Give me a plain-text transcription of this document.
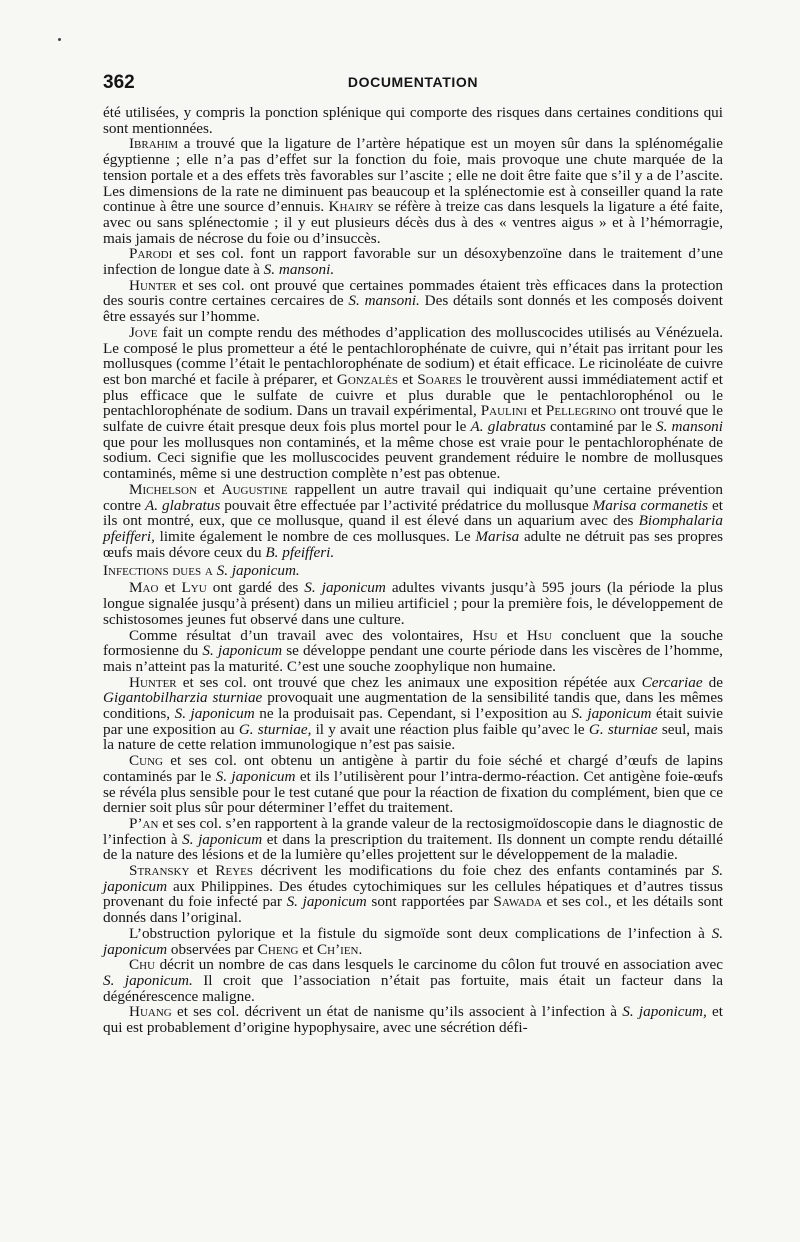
362	DOCUMENTATION

été utilisées, y compris la ponction splénique qui comporte des risques dans certaines conditions qui sont mentionnées.

Ibrahim a trouvé que la ligature de l’artère hépatique est un moyen sûr dans la splénomégalie égyptienne ; elle n’a pas d’effet sur la fonction du foie, mais provoque une chute marquée de la tension portale et a des effets très favorables sur l’ascite ; elle ne doit être faite que s’il y a de l’ascite. Les dimensions de la rate ne diminuent pas beaucoup et la splénectomie est à conseiller quand la rate continue à être une source d’ennuis. Khairy se réfère à treize cas dans lesquels la ligature a été faite, avec ou sans splénectomie ; il y eut plusieurs décès dus à des « ventres aigus » et à l’hémorragie, mais jamais de nécrose du foie ou d’insuccès.

Parodi et ses col. font un rapport favorable sur un désoxybenzoïne dans le traitement d’une infection de longue date à S. mansoni.

Hunter et ses col. ont prouvé que certaines pommades étaient très efficaces dans la protection des souris contre certaines cercaires de S. mansoni. Des détails sont donnés et les composés doivent être essayés sur l’homme.

Jove fait un compte rendu des méthodes d’application des molluscocides utilisés au Vénézuela. Le composé le plus prometteur a été le pentachlorophénate de cuivre, qui n’était pas irritant pour les mollusques (comme l’était le pentachlorophénate de sodium) et était efficace. Le ricinoléate de cuivre est bon marché et facile à préparer, et Gonzalès et Soares le trouvèrent aussi immédiatement actif et plus efficace que le sulfate de cuivre et plus durable que le pentachlorophénol ou le pentachlorophénate de sodium. Dans un travail expérimental, Paulini et Pellegrino ont trouvé que le sulfate de cuivre était presque deux fois plus mortel pour le A. glabratus contaminé par le S. mansoni que pour les mollusques non contaminés, et la même chose est vraie pour le pentachlorophénate de sodium. Ceci signifie que les molluscocides peuvent grandement réduire le nombre de mollusques contaminés, même si une destruction complète n’est pas obtenue.

Michelson et Augustine rappellent un autre travail qui indiquait qu’une certaine prévention contre A. glabratus pouvait être effectuée par l’activité prédatrice du mollusque Marisa cormanetis et ils ont montré, eux, que ce mollusque, quand il est élevé dans un aquarium avec des Biomphalaria pfeifferi, limite également le nombre de ces mollusques. Le Marisa adulte ne détruit pas ses propres œufs mais dévore ceux du B. pfeifferi.

Infections dues a S. japonicum.

Mao et Lyu ont gardé des S. japonicum adultes vivants jusqu’à 595 jours (la période la plus longue signalée jusqu’à présent) dans un milieu artificiel ; pour la première fois, le développement de schistosomes jeunes fut observé dans une culture.

Comme résultat d’un travail avec des volontaires, Hsu et Hsu concluent que la souche formosienne du S. japonicum se développe pendant une courte période dans les viscères de l’homme, mais n’atteint pas la maturité. C’est une souche zoophylique non humaine.

Hunter et ses col. ont trouvé que chez les animaux une exposition répétée aux Cercariae de Gigantobilharzia sturniae provoquait une augmentation de la sensibilité tandis que, dans les mêmes conditions, S. japonicum ne la produisait pas. Cependant, si l’exposition au S. japonicum était suivie par une exposition au G. sturniae, il y avait une réaction plus faible qu’avec le G. sturniae seul, mais la nature de cette relation immunologique n’est pas saisie.

Cung et ses col. ont obtenu un antigène à partir du foie séché et chargé d’œufs de lapins contaminés par le S. japonicum et ils l’utilisèrent pour l’intra-dermo-réaction. Cet antigène foie-œufs se révéla plus sensible pour le test cutané que pour la réaction de fixation du complément, bien que ce dernier soit plus sûr pour déterminer l’effet du traitement.

P’an et ses col. s’en rapportent à la grande valeur de la rectosigmoïdoscopie dans le diagnostic de l’infection à S. japonicum et dans la prescription du traitement. Ils donnent un compte rendu détaillé de la nature des lésions et de la lumière qu’elles projettent sur le développement de la maladie.

Stransky et Reyes décrivent les modifications du foie chez des enfants contaminés par S. japonicum aux Philippines. Des études cytochimiques sur les cellules hépatiques et d’autres tissus provenant du foie infecté par S. japonicum sont rapportées par Sawada et ses col., et les détails sont donnés dans l’original.

L’obstruction pylorique et la fistule du sigmoïde sont deux complications de l’infection à S. japonicum observées par Cheng et Ch’ien.

Chu décrit un nombre de cas dans lesquels le carcinome du côlon fut trouvé en association avec S. japonicum. Il croit que l’association n’était pas fortuite, mais était un facteur dans la dégénérescence maligne.

Huang et ses col. décrivent un état de nanisme qu’ils associent à l’infection à S. japonicum, et qui est probablement d’origine hypophysaire, avec une sécrétion défi-
